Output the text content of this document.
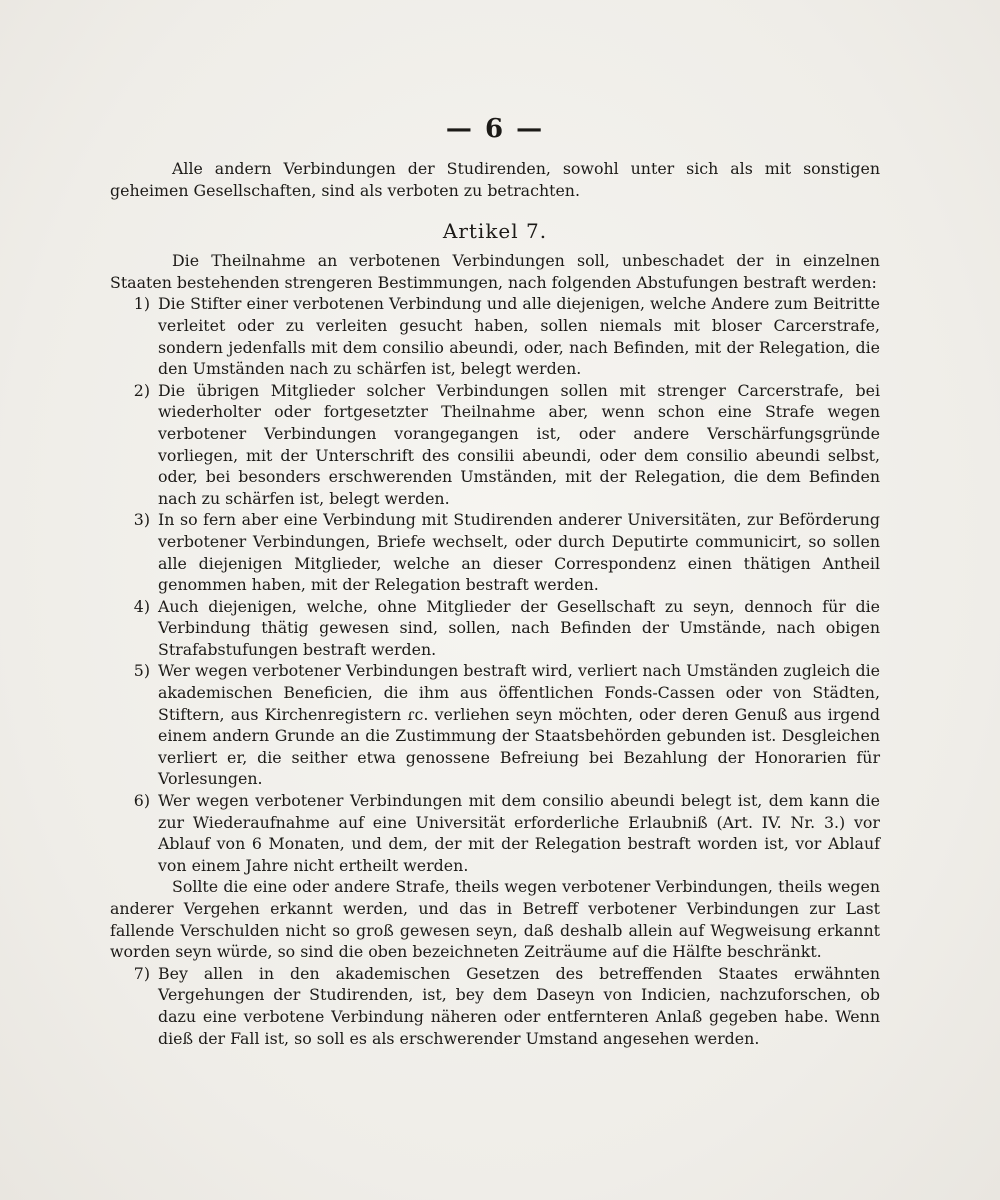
— 6 —

Alle andern Verbindungen der Studirenden, sowohl unter sich als mit sonstigen geheimen Gesellschaften, sind als verboten zu betrachten.

Artikel 7.

Die Theilnahme an verbotenen Verbindungen soll, unbeschadet der in einzelnen Staaten bestehenden strengeren Bestimmungen, nach folgenden Abstufungen bestraft werden:

1) Die Stifter einer verbotenen Verbindung und alle diejenigen, welche Andere zum Beitritte verleitet oder zu verleiten gesucht haben, sollen niemals mit bloser Carcerstrafe, sondern jedenfalls mit dem consilio abeundi, oder, nach Befinden, mit der Relegation, die den Umständen nach zu schärfen ist, belegt werden.
2) Die übrigen Mitglieder solcher Verbindungen sollen mit strenger Carcerstrafe, bei wiederholter oder fortgesetzter Theilnahme aber, wenn schon eine Strafe wegen verbotener Verbindungen vorangegangen ist, oder andere Verschärfungsgründe vorliegen, mit der Unterschrift des consilii abeundi, oder dem consilio abeundi selbst, oder, bei besonders erschwerenden Umständen, mit der Relegation, die dem Befinden nach zu schärfen ist, belegt werden.
3) In so fern aber eine Verbindung mit Studirenden anderer Universitäten, zur Beförderung verbotener Verbindungen, Briefe wechselt, oder durch Deputirte communicirt, so sollen alle diejenigen Mitglieder, welche an dieser Correspondenz einen thätigen Antheil genommen haben, mit der Relegation bestraft werden.
4) Auch diejenigen, welche, ohne Mitglieder der Gesellschaft zu seyn, dennoch für die Verbindung thätig gewesen sind, sollen, nach Befinden der Umstände, nach obigen Strafabstufungen bestraft werden.
5) Wer wegen verbotener Verbindungen bestraft wird, verliert nach Umständen zugleich die akademischen Beneficien, die ihm aus öffentlichen Fonds-Cassen oder von Städten, Stiftern, aus Kirchenregistern ɾc. verliehen seyn möchten, oder deren Genuß aus irgend einem andern Grunde an die Zustimmung der Staatsbehörden gebunden ist. Desgleichen verliert er, die seither etwa genossene Befreiung bei Bezahlung der Honorarien für Vorlesungen.
6) Wer wegen verbotener Verbindungen mit dem consilio abeundi belegt ist, dem kann die zur Wiederaufnahme auf eine Universität erforderliche Erlaubniß (Art. IV. Nr. 3.) vor Ablauf von 6 Monaten, und dem, der mit der Relegation bestraft worden ist, vor Ablauf von einem Jahre nicht ertheilt werden.

Sollte die eine oder andere Strafe, theils wegen verbotener Verbindungen, theils wegen anderer Vergehen erkannt werden, und das in Betreff verbotener Verbindungen zur Last fallende Verschulden nicht so groß gewesen seyn, daß deshalb allein auf Wegweisung erkannt worden seyn würde, so sind die oben bezeichneten Zeiträume auf die Hälfte beschränkt.

7) Bey allen in den akademischen Gesetzen des betreffenden Staates erwähnten Vergehungen der Studirenden, ist, bey dem Daseyn von Indicien, nachzuforschen, ob dazu eine verbotene Verbindung näheren oder entfernteren Anlaß gegeben habe. Wenn dieß der Fall ist, so soll es als erschwerender Umstand angesehen werden.
